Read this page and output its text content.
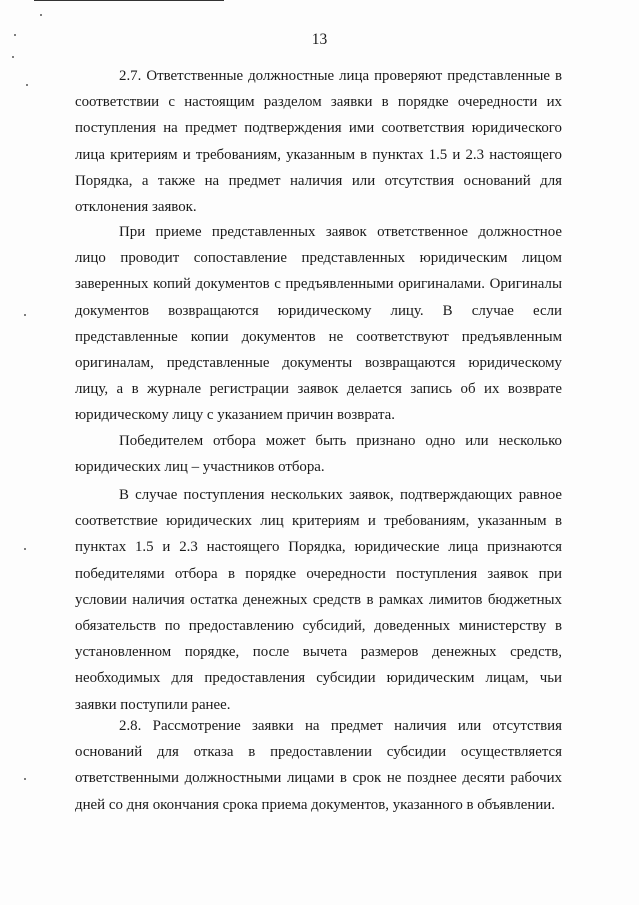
13

2.7. Ответственные должностные лица проверяют представленные в соответствии с настоящим разделом заявки в порядке очередности их поступления на предмет подтверждения ими соответствия юридического лица критериям и требованиям, указанным в пунктах 1.5 и 2.3 настоящего Порядка, а также на предмет наличия или отсутствия оснований для отклонения заявок.

При приеме представленных заявок ответственное должностное лицо проводит сопоставление представленных юридическим лицом заверенных копий документов с предъявленными оригиналами. Оригиналы документов возвращаются юридическому лицу. В случае если представленные копии документов не соответствуют предъявленным оригиналам, представленные документы возвращаются юридическому лицу, а в журнале регистрации заявок делается запись об их возврате юридическому лицу с указанием причин возврата.

Победителем отбора может быть признано одно или несколько юридических лиц – участников отбора.

В случае поступления нескольких заявок, подтверждающих равное соответствие юридических лиц критериям и требованиям, указанным в пунктах 1.5 и 2.3 настоящего Порядка, юридические лица признаются победителями отбора в порядке очередности поступления заявок при условии наличия остатка денежных средств в рамках лимитов бюджетных обязательств по предоставлению субсидий, доведенных министерству в установленном порядке, после вычета размеров денежных средств, необходимых для предоставления субсидии юридическим лицам, чьи заявки поступили ранее.

2.8. Рассмотрение заявки на предмет наличия или отсутствия оснований для отказа в предоставлении субсидии осуществляется ответственными должностными лицами в срок не позднее десяти рабочих дней со дня окончания срока приема документов, указанного в объявлении.
